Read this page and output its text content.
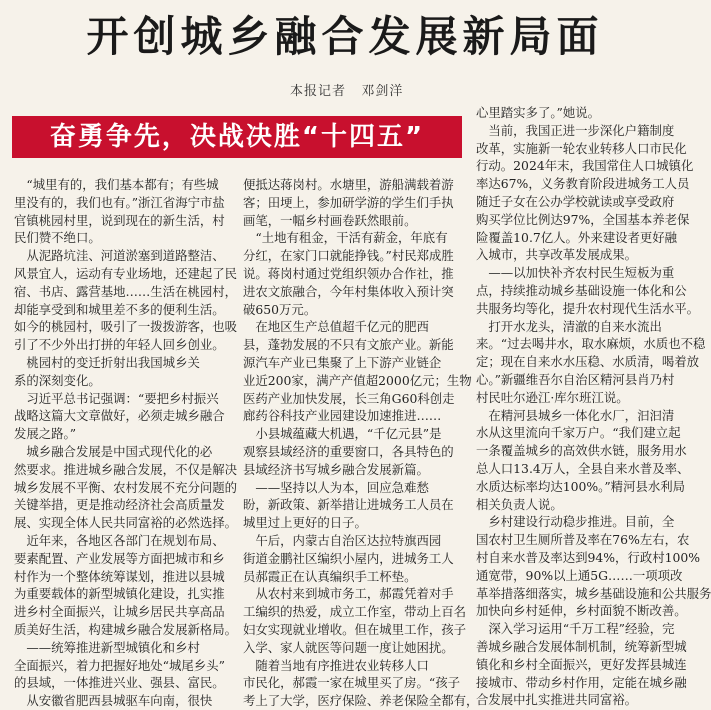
开创城乡融合发展新局面
本报记者   邓剑洋
奋勇争先，决战决胜“十四五”

　“城里有的，我们基本都有；有些城

里没有的，我们也有。”浙江省海宁市盐

官镇桃园村里，说到现在的新生活，村

民们赞不绝口。

　从泥路坑洼、河道淤塞到道路整洁、

风景宜人，运动有专业场地，还建起了民

宿、书店、露营基地……生活在桃园村，

却能享受到和城里差不多的便利生活。

如今的桃园村，吸引了一拨拨游客，也吸

引了不少外出打拼的年轻人回乡创业。

　桃园村的变迁折射出我国城乡关

系的深刻变化。

　习近平总书记强调：“要把乡村振兴

战略这篇大文章做好，必须走城乡融合

发展之路。”

　城乡融合发展是中国式现代化的必

然要求。推进城乡融合发展，不仅是解决

城乡发展不平衡、农村发展不充分问题的

关键举措，更是推动经济社会高质量发

展、实现全体人民共同富裕的必然选择。

　近年来，各地区各部门在规划布局、

要素配置、产业发展等方面把城市和乡

村作为一个整体统筹谋划，推进以县城

为重要载体的新型城镇化建设，扎实推

进乡村全面振兴，让城乡居民共享高品

质美好生活，构建城乡融合发展新格局。

　——统筹推进新型城镇化和乡村

全面振兴，着力把握好地处“城尾乡头”

的县域，一体推进兴业、强县、富民。

　从安徽省肥西县城驱车向南，很快

便抵达蒋岗村。水塘里，游船满载着游

客；田埂上，参加研学游的学生们手执

画笔，一幅乡村画卷跃然眼前。

　“土地有租金，干活有薪金，年底有

分红，在家门口就能挣钱。”村民郑成胜

说。蒋岗村通过党组织领办合作社，推

进农文旅融合，今年村集体收入预计突

破650万元。

　在地区生产总值超千亿元的肥西

县，蓬勃发展的不只有文旅产业。新能

源汽车产业已集聚了上下游产业链企

业近200家，满产产值超2000亿元；生物

医药产业加快发展，长三角G60科创走

廊药谷科技产业园建设加速推进……

　小县城蕴藏大机遇，“千亿元县”是

观察县域经济的重要窗口，各具特色的

县域经济书写城乡融合发展新篇。

　——坚持以人为本，回应急难愁

盼，新政策、新举措让进城务工人员在

城里过上更好的日子。

　午后，内蒙古自治区达拉特旗西园

街道金鹏社区编织小屋内，进城务工人

员郝霞正在认真编织手工杯垫。

　从农村来到城市务工，郝霞凭着对手

工编织的热爱，成立工作室，带动上百名

妇女实现就业增收。但在城里工作，孩子

入学、家人就医等问题一度让她困扰。

　随着当地有序推进农业转移人口

市民化，郝霞一家在城里买了房。“孩子

考上了大学，医疗保险、养老保险全都有，

心里踏实多了。”她说。

　当前，我国正进一步深化户籍制度

改革，实施新一轮农业转移人口市民化

行动。2024年末，我国常住人口城镇化

率达67%，义务教育阶段进城务工人员

随迁子女在公办学校就读或享受政府

购买学位比例达97%，全国基本养老保

险覆盖10.7亿人。外来建设者更好融

入城市，共享改革发展成果。

　——以加快补齐农村民生短板为重

点，持续推动城乡基础设施一体化和公

共服务均等化，提升农村现代生活水平。

　打开水龙头，清澈的自来水流出

来。“过去喝井水，取水麻烦，水质也不稳

定；现在自来水水压稳、水质清，喝着放

心。”新疆维吾尔自治区精河县肖乃村

村民吐尔逊江·库尔班江说。

　在精河县城乡一体化水厂，汩汩清

水从这里流向千家万户。“我们建立起

一条覆盖城乡的高效供水链，服务用水

总人口13.4万人，全县自来水普及率、

水质达标率均达100%。”精河县水利局

相关负责人说。

　乡村建设行动稳步推进。目前，全

国农村卫生厕所普及率在76%左右，农

村自来水普及率达到94%，行政村100%

通宽带，90%以上通5G……一项项改

革举措落细落实，城乡基础设施和公共服务

加快向乡村延伸，乡村面貌不断改善。

　深入学习运用“千万工程”经验，完

善城乡融合发展体制机制，统筹新型城

镇化和乡村全面振兴，更好发挥县城连

接城市、带动乡村作用，定能在城乡融

合发展中扎实推进共同富裕。
